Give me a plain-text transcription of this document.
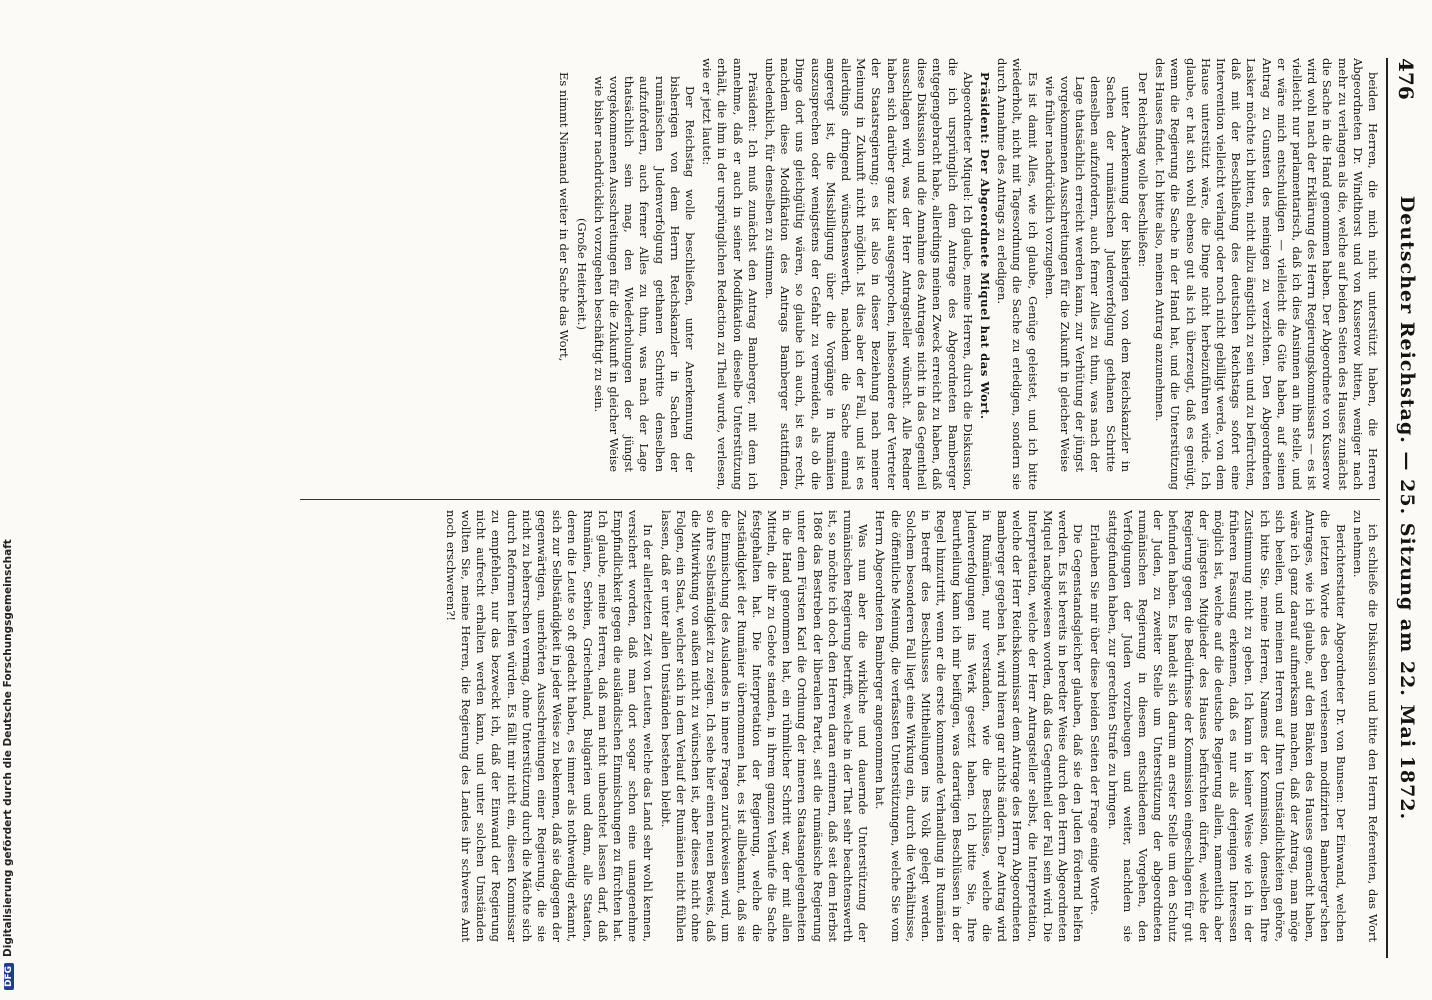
476
Deutscher Reichstag. — 25. Sitzung am 22. Mai 1872.

beiden Herren, die mich nicht unterstützt haben, die Herren Abgeordneten Dr. Windthorst und von Kusserow bitten, weniger nach mehr zu verlangen als die, welche auf beiden Seiten des Hauses zunächst die Sache in die Hand genommen haben. Der Abgeordnete von Kusserow wird wohl nach der Erklärung des Herrn Regierungskommissars — es ist vielleicht nur parlamentarisch, daß ich dies Ansinnen an ihn stelle, und er wäre mich entschuldigen — vielleicht die Güte haben, auf seinen Antrag zu Gunsten des meinigen zu verzichten. Den Abgeordneten Lasker möchte ich bitten, nicht allzu ängstlich zu sein und zu befürchten, daß mit der Beschließung des deutschen Reichstags sofort eine Intervention vielleicht verlangt oder noch nicht gebilligt werde, von dem Hause unterstützt wäre, die Dinge nicht herbeizuführen würde. Ich glaube, er hat sich wohl ebenso gut als ich überzeugt, daß es genügt, wenn die Regierung die Sache in der Hand hat, und die Unterstützung des Hauses findet. Ich bitte also, meinen Antrag anzunehmen.

Der Reichstag wolle beschließen:

unter Anerkennung der bisherigen von dem Reichskanzler in Sachen der rumänischen Judenverfolgung gethanen Schritte denselben aufzufordern, auch ferner Alles zu thun, was nach der Lage thatsächlich erreicht werden kann, zur Verhütung der jüngst vorgekommenen Ausschreitungen für die Zukunft in gleicher Weise wie früher nachdrücklich vorzugehen.

Es ist damit Alles, wie ich glaube, Genüge geleistet, und ich bitte wiederholt, nicht mit Tagesordnung die Sache zu erledigen, sondern sie durch Annahme des Antrags zu erledigen.

Präsident: Der Abgeordnete Miquel hat das Wort.

Abgeordneter Miquel: Ich glaube, meine Herren, durch die Diskussion, die ich ursprünglich dem Antrage des Abgeordneten Bamberger entgegengebracht habe, allerdings meinen Zweck erreicht zu haben, daß diese Diskussion und die Annahme des Antrages nicht in das Gegentheil ausschlagen wird, was der Herr Antragsteller wünscht. Alle Redner haben sich darüber ganz klar ausgesprochen, insbesondere der Vertreter der Staatsregierung; es ist also in dieser Beziehung nach meiner Meinung in Zukunft nicht möglich. Ist dies aber der Fall, und ist es allerdings dringend wünschenswerth, nachdem die Sache einmal angeregt ist, die Missbilligung über die Vorgänge in Rumänien auszusprechen oder wenigstens der Gefahr zu vermeiden, als ob die Dinge dort uns gleichgültig wären, so glaube ich auch, ist es recht, nachdem diese Modifikation des Antrags Bamberger stattfinden, unbedenklich, für denselben zu stimmen.

Präsident: Ich muß zunächst den Antrag Bamberger, mit dem ich annehme, daß er auch in seiner Modifikation dieselbe Unterstützung erhält, die ihm in der ursprünglichen Redaction zu Theil wurde, verlesen, wie er jetzt lautet:

Der Reichstag wolle beschließen, unter Anerkennung der bisherigen von dem Herrn Reichskanzler in Sachen der rumänischen Judenverfolgung gethanen Schritte denselben aufzufordern, auch ferner Alles zu thun, was nach der Lage thatsächlich sein mag, den Wiederholungen der jüngst vorgekommenen Ausschreitungen für die Zukunft in gleicher Weise wie bisher nachdrücklich vorzugehen beschäftigt zu sein.

(Große Heiterkeit.)

Es nimmt Niemand weiter in der Sache das Wort,

ich schließe die Diskussion und bitte den Herrn Referenten, das Wort zu nehmen.

Berichterstatter Abgeordneter Dr. von Bunsen: Der Einwand, welchen die letzten Worte des eben verlesenen modifizirten Bamberger'schen Antrages, wie ich glaube, auf den Bänken des Hauses gemacht haben, wäre ich ganz darauf aufmerksam machen, daß der Antrag, man möge sich beeilen, und meinen Herren auf Ihren Umständlichkeiten gehöre, ich bitte Sie, meine Herren, Namens der Kommission, denselben Ihre Zustimmung nicht zu geben. Ich kann in keiner Weise wie ich in der früheren Fassung erkennen, daß es nur als derjenigen Interessen möglich ist, welche auf die deutsche Regierung allein, namentlich aber der jüngsten Mitglieder des Hauses befürchten dürfen, welche der Regierung gegen die Bedürfnisse der Kommission eingeschlagen für gut befunden haben. Es handelt sich darum an erster Stelle um den Schutz der Juden, zu zweiter Stelle um Unterstützung der abgeordneten rumänischen Regierung in diesem entschiedenen Vorgehen, den Verfolgungen der Juden vorzubeugen und weiter, nachdem sie stattgefunden haben, zur gerechten Strafe zu bringen.

Erlauben Sie mir über diese beiden Seiten der Frage einige Worte.

Die Gegenstandsgleicher glauben, daß sie den Juden fördernd helfen werden. Es ist bereits in beredter Weise durch den Herrn Abgeordneten Miquel nachgewiesen worden, daß das Gegentheil der Fall sein wird. Die Interpretation, welche der Herr Antragsteller selbst, die Interpretation, welche der Herr Reichskommissar dem Antrage des Herrn Abgeordneten Bamberger gegeben hat, wird hieran gar nichts ändern. Der Antrag wird in Rumänien, nur verstanden, wie die Beschlüsse, welche die Judenverfolgungen ins Werk gesetzt haben. Ich bitte Sie, Ihre Beurtheilung kann ich mir beifügen, was derartigen Beschlüssen in der Regel hinzutritt, wenn er die erste kommende Verhandlung in Rumänien in Betreff des Beschlusses Mittheilungen ins Volk gelegt werden. Solchem besonderen Fall liegt eine Wirkung ein, durch die Verhältnisse, die öffentliche Meinung, die verfassten Unterstützungen, welche Sie vom Herrn Abgeordneten Bamberger angenommen hat.

Was nun aber die wirkliche und dauernde Unterstützung der rumänischen Regierung betrifft, welche in der That sehr beachtenswerth ist, so möchte ich doch den Herren daran erinnern, daß seit dem Herbst 1868 das Bestreben der liberalen Partei, seit die rumänische Regierung unter dem Fürsten Karl die Ordnung der inneren Staatsangelegenheiten in die Hand genommen hat, ein rühmlicher Schritt war, der mit allen Mitteln, die ihr zu Gebote standen, in ihrem ganzen Verlaufe die Sache festgehalten hat. Die Interpretation der Regierung, welche die Zuständigkeit der Rumänier übernommen hat, es ist allbekannt, daß sie die Einmischung des Auslandes in innere Fragen zurückweisen wird, um so ihre Selbständigkeit zu zeigen. Ich sehe hier einen neuen Beweis, daß die Mitwirkung von außen nicht zu wünschen ist, aber dieses nicht ohne Folgen, ein Staat, welcher sich in dem Verlauf der Rumänien nicht fühlen lassen, daß er unter allen Umständen bestehen bleibt.

In der allerletzten Zeit von Leuten, welche das Land sehr wohl kennen, versichert worden, daß man dort sogar schon eine unangenehme Empfindlichkeit gegen die ausländischen Einmischungen zu fürchten hat. Ich glaube, meine Herren, daß man nicht unbeachtet lassen darf, daß Rumänien, Serbien, Griechenland, Bulgarien und dann, alle Staaten, deren die Leute so oft gedacht haben, es immer als nothwendig erkannt, sich zur Selbständigkeit in jeder Weise zu bekennen, daß sie dagegen der gegenwärtigen, unerhörten Ausschreitungen einer Regierung, die sie nicht zu beherrschen vermag, ohne Unterstützung durch die Mächte sich durch Reformen helfen würden. Es fällt mir nicht ein, diesen Kommissar zu empfehlen, nur das bezweckt ich, daß der Einwand der Regierung nicht aufrecht erhalten werden kann, und unter solchen Umständen wollten Sie, meine Herren, die Regierung des Landes ihr schweres Amt noch erschweren?!

DFGDigitalisierung gefördert durch die Deutsche Forschungsgemeinschaft
